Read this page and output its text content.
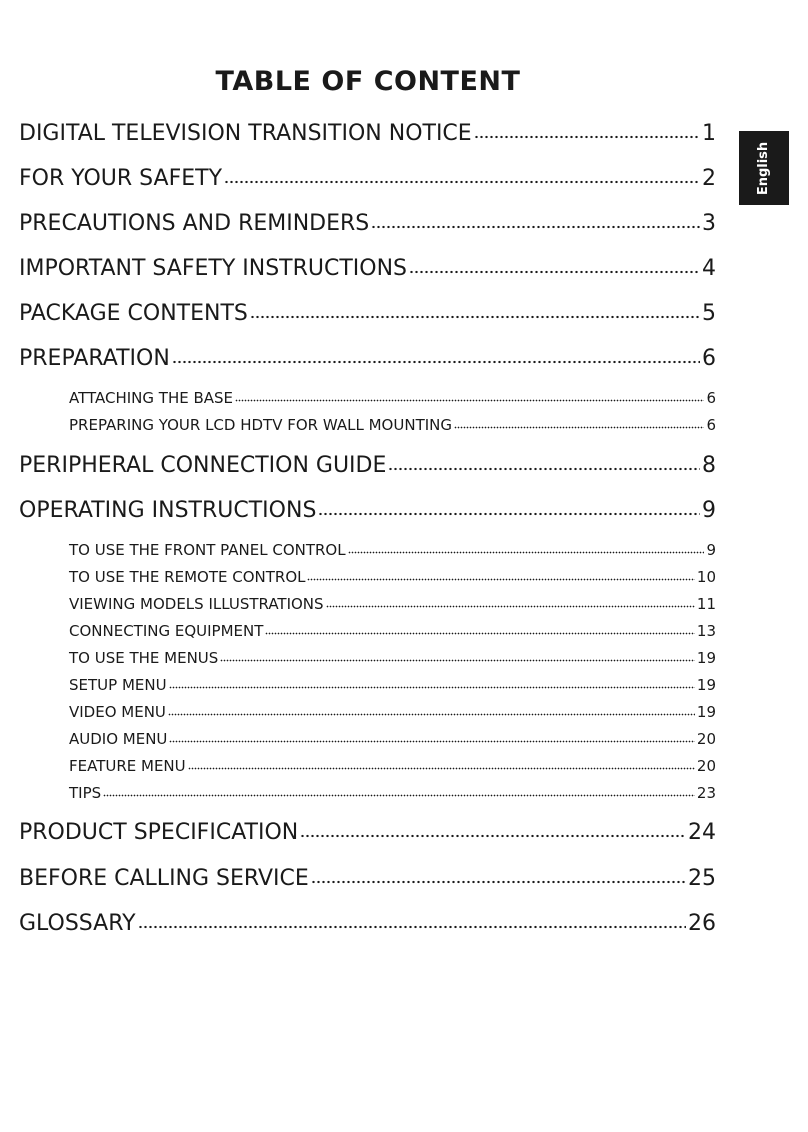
TABLE OF CONTENT
English
DIGITAL TELEVISION TRANSITION NOTICE	1
FOR YOUR SAFETY	2
PRECAUTIONS AND REMINDERS	3
IMPORTANT SAFETY INSTRUCTIONS	4
PACKAGE CONTENTS	5
PREPARATION	6
ATTACHING THE BASE	6
PREPARING YOUR LCD HDTV FOR WALL MOUNTING	6
PERIPHERAL CONNECTION GUIDE	8
OPERATING INSTRUCTIONS	9
TO USE THE FRONT PANEL CONTROL	9
TO USE THE REMOTE CONTROL	10
VIEWING MODELS ILLUSTRATIONS	11
CONNECTING EQUIPMENT	13
TO USE THE MENUS	19
SETUP MENU	19
VIDEO MENU	19
AUDIO MENU	20
FEATURE MENU	20
TIPS	23
PRODUCT SPECIFICATION	24
BEFORE CALLING SERVICE	25
GLOSSARY	26
